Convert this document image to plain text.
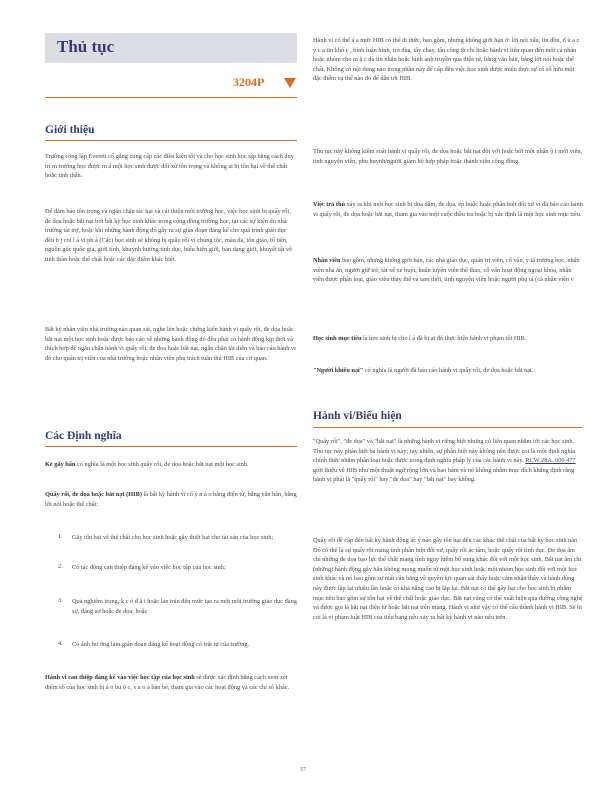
Thủ tục
3204P
Giới thiệu

Trường công lập Everett cố gắng cung cấp các điều kiện tốt và cho học sinh học tập bằng cách duy trì m trường học được m á một học sinh được đối xử tôn trọng và không ai bị tổn hại về thể chất hoặc tinh thần.

Để đảm bảo tôn trọng và ngăn chặn tác hại và cải thiện môi trường học, việc học sinh bị quấy rối, đe dọa hoặc bắt nạt bởi bất kỳ học sinh khác trong cộng đồng trường học, tại các sự kiện do nhà trường tài trợ, hoặc khi những hành động đó gây ra sự gián đoạn đáng kể cho quá trình giáo dục đều b j coi l á vi ph ả (Các) học sinh sẽ không bị quấy rối vì chủng tộc, màu da, tôn giáo, tổ tiên, nguồn gốc quốc gia, giới tính, khuynh hướng tình dục, biểu hiện giới, bản dạng giới, khuyết tật về tinh thần hoặc thể chất hoặc các đặc điểm khác biệt.

Bất kỳ nhân viên nhà trường nào quan sát, nghe lén hoặc chứng kiến hành vi quấy rối, đe dọa hoặc bắt nạt một học sinh hoặc được báo cáo về những hành động đó đều phải có hành động kịp thời và thích hợp để ngăn chặn hành vi quấy rối, đe dọa hoặc bắt nạt, ngăn chặn tái diễn và báo cáo hành vi đó cho quản trị viên của nhà trường hoặc nhân viên phụ trách tuân thủ HIB của cơ quan.

Các Định nghĩa

Kẻ gây hấn có nghĩa là một học sinh quấy rối, đe dọa hoặc bắt nạt một học sinh.

Quấy rối, đe dọa hoặc bắt nạt (HIB) là bất kỳ hành vi cố ý n á o bằng điện tử, bằng văn bản, bằng lời nói hoặc thể chất:

1. Gây tổn hại về thể chất cho học sinh hoặc gây thiệt hại cho tài sản của học sinh;

2. Có tác động can thiệp đáng kể vào việc học tập của học sinh;

3. Quá nghiêm trọng, k c ó đ á i hoặc lan tràn đến mức tạo ra một môi trường giáo dục đáng sợ, đáng sợ hoặc đe dọa; hoặc

4. Có ảnh hư ởng làm gián đoạn đáng kể hoạt động có trật tự của trường.

Hành vi can thiệp đáng kể vào việc học tập của học sinh sẽ được xác định bằng cách xem xét điểm số của học sinh bị ả o bu ộ c, s u o ả bản bè, tham gia vào các hoạt động và các chỉ số khác.

Hành vi có thể ả a mức HIB có thể di thức, bao gồm, nhưng không giới hạn ở: lời nói xấu, tin đồn, đ ù a c ý c a tin khó c , bình luận hình, trò đùa, tấy chay, tấn công th chỉ hoặc hành vi liên quan đến một cá nhân hoặc nhóm cho m ặ c dù tin nhắn hoặc hình ảnh truyền qua điện tử, bằng văn bản, bằng lời nói hoặc thể chất. Không có nội dung nào trong phần này để cấp đến việc học sinh được miêu thực sự có số hữu một đặc điểm cụ thể nào đó để dẫn tới HIB.

Thủ tục này không kiềm soát hành vi quấy rối, đe dọa hoặc bắt nạt đối với hoặc bởi một nhân ộ t mới viên, tình nguyện viên, phụ huynh/người giám hộ hợp pháp hoặc thành viên cộng đồng.

Việc trả thù xảy ra khi một học sinh bị dọa dẫm, đe dọa, ép buộc hoặc phân biệt đối xử vì đã báo cáo hành vi quấy rối, đe dọa hoặc bắt nạt, tham gia vào một cuộc điều tra hoặc bị xác định là một học sinh mục tiêu.

Nhân viên bao gồm, nhưng không giới hạn, các nhà giáo dục, quản trị viên, cố vấn, y tá trường học, nhân viên nhà ăn, người giữ trẻ, tài xế xe buýt, huấn luyện viên thể thao, cố vấn hoạt động ngoại khóa, nhân viên được phân loại, giáo viên thay thế và tạm thời, tình nguyện viên hoặc người phụ tá (cá nhân viên v

Học sinh mục tiêu là học sinh bị cho l á đã bị ai đó thực hiện hành vi phạm tội HIB.

"Người khiếu nại" có nghĩa là người đã báo cáo hành vi quấy rối, đe dọa hoặc bắt nạt.

Hành vi/Biểu hiện

"Quấy rối", "đe dọa" và "bắt nạt" là những hành vi riêng biệt nhưng có liên quan nhằm tới các học sinh. Thủ tục này phân biệt ba hành vi này; tuy nhiên, sự phân biệt này không nên được coi là một định nghĩa chính thức nhằm phân loại hoặc được trong định nghĩa pháp lý của các hành vi này. RCW 28A. 600 477 giới thiệu về HIB như một thuật ngữ rộng lớn và bao hàm và nó không nhằm mục đích khẳng định rằng hành vi phải là "quấy rối" hay "đe dọa" hay "bắt nạt" hay không.

Quấy rối đề cập đến bất kỳ hành động ác ý nào gây tổn hại đến các khác thể chất của bất kỳ học sinh nào. Đó có thể là sự quấy rối mang tính phân biệt đối xử, quấy rối ác tâm, hoặc quấy rối tình dục. Đe dọa âm chỉ những đe dọa bạo lực thể chất mang tính nguy hiểm bổ sung khác đối với một học sinh. Bắt nạt âm chỉ (những) hành động gây hấn không mong muốn từ một học sinh hoặc một nhóm học sinh đối với một học sinh khác và nó bao gồm sự mất cân bằng về quyền lực quan sát thấy hoặc cảm nhận thấy và hành động này được lặp lại nhiều lần hoặc có khả năng cao bị lặp lại. Bắt nạt có thể gây hại cho học sinh bị nhắm mục tiêu bao gồm sự tổn hại về thể chất hoặc giáo dục. Bắt nạt cũng có thể xuất hiện qua đường công nghệ và được gọi là bắt nạt điện tử hoặc bắt nạt trên mạng. Hành vi như vậy có thể cấu thành hành vi HIB. Sẽ bị coi là vi phạm luật HIB của tiểu bang nếu xảy ra bất kỳ hành vi nào nêu trên.

57
